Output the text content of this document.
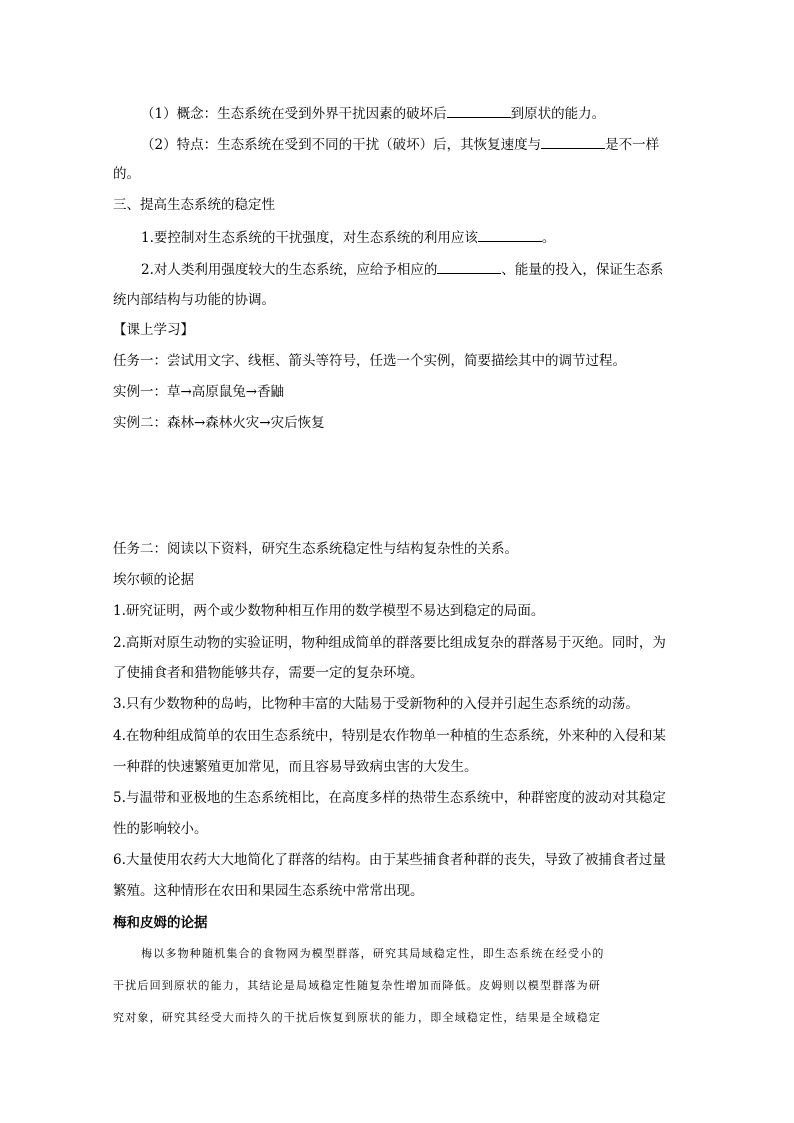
（1）概念：生态系统在受到外界干扰因素的破坏后	到原状的能力。
（2）特点：生态系统在受到不同的干扰（破坏）后，其恢复速度与	是不一样
的。
三、提高生态系统的稳定性
1.要控制对生态系统的干扰强度，对生态系统的利用应该	。
2.对人类利用强度较大的生态系统，应给予相应的	、能量的投入，保证生态系
统内部结构与功能的协调。
【课上学习】
任务一：尝试用文字、线框、箭头等符号，任选一个实例，简要描绘其中的调节过程。
实例一：草→高原鼠兔→香鼬
实例二：森林→森林火灾→灾后恢复
任务二：阅读以下资料，研究生态系统稳定性与结构复杂性的关系。
埃尔顿的论据
1.研究证明，两个或少数物种相互作用的数学模型不易达到稳定的局面。
2.高斯对原生动物的实验证明，物种组成简单的群落要比组成复杂的群落易于灭绝。同时，为
了使捕食者和猎物能够共存，需要一定的复杂环境。
3.只有少数物种的岛屿，比物种丰富的大陆易于受新物种的入侵并引起生态系统的动荡。
4.在物种组成简单的农田生态系统中，特别是农作物单一种植的生态系统，外来种的入侵和某
一种群的快速繁殖更加常见，而且容易导致病虫害的大发生。
5.与温带和亚极地的生态系统相比，在高度多样的热带生态系统中，种群密度的波动对其稳定
性的影响较小。
6.大量使用农药大大地简化了群落的结构。由于某些捕食者种群的丧失，导致了被捕食者过量
繁殖。这种情形在农田和果园生态系统中常常出现。
梅和皮姆的论据
梅以多物种随机集合的食物网为模型群落，研究其局域稳定性，即生态系统在经受小的
干扰后回到原状的能力，其结论是局域稳定性随复杂性增加而降低。皮姆则以模型群落为研
究对象，研究其经受大而持久的干扰后恢复到原状的能力，即全域稳定性，结果是全域稳定
